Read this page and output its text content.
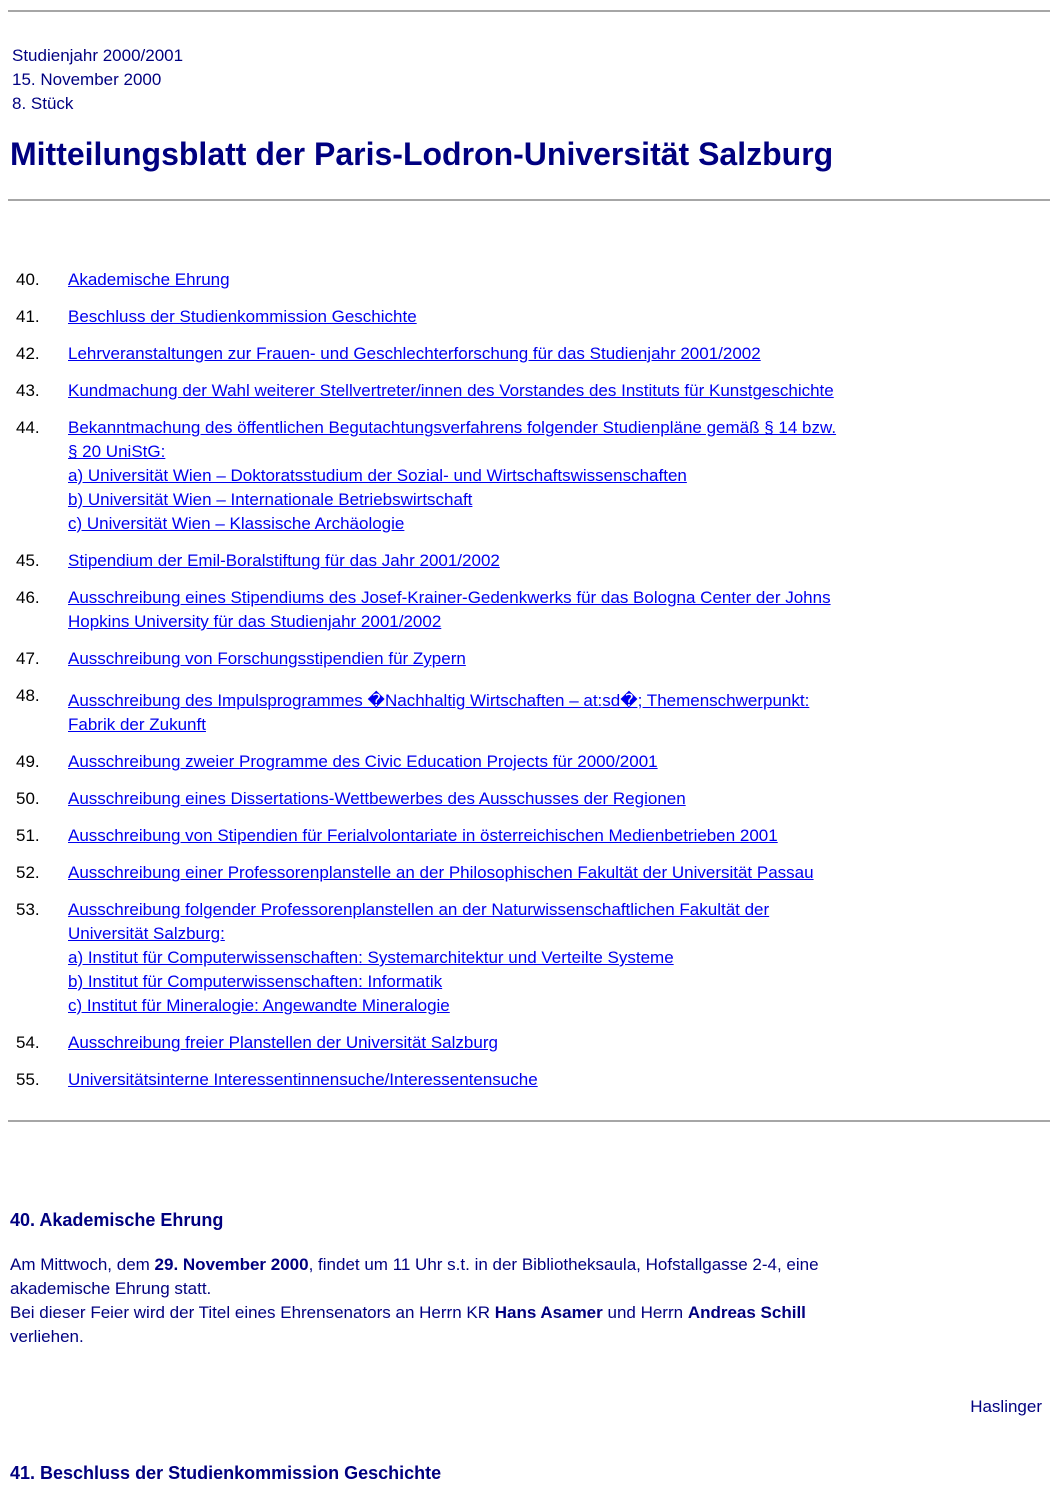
Studienjahr 2000/2001
15. November 2000
8. Stück
Mitteilungsblatt der Paris-Lodron-Universität Salzburg
40.	Akademische Ehrung
41.	Beschluss der Studienkommission Geschichte
42.	Lehrveranstaltungen zur Frauen- und Geschlechterforschung für das Studienjahr 2001/2002
43.	Kundmachung der Wahl weiterer Stellvertreter/innen des Vorstandes des Instituts für Kunstgeschichte
44.	Bekanntmachung des öffentlichen Begutachtungsverfahrens folgender Studienpläne gemäß § 14 bzw.
§ 20 UniStG:
a) Universität Wien – Doktoratsstudium der Sozial- und Wirtschaftswissenschaften
b) Universität Wien – Internationale Betriebswirtschaft
c) Universität Wien – Klassische Archäologie
45.	Stipendium der Emil-Boralstiftung für das Jahr 2001/2002
46.	Ausschreibung eines Stipendiums des Josef-Krainer-Gedenkwerks für das Bologna Center der Johns
Hopkins University für das Studienjahr 2001/2002
47.	Ausschreibung von Forschungsstipendien für Zypern
48.	Ausschreibung des Impulsprogrammes �Nachhaltig Wirtschaften – at:sd�; Themenschwerpunkt:
Fabrik der Zukunft
49.	Ausschreibung zweier Programme des Civic Education Projects für 2000/2001
50.	Ausschreibung eines Dissertations-Wettbewerbes des Ausschusses der Regionen
51.	Ausschreibung von Stipendien für Ferialvolontariate in österreichischen Medienbetrieben 2001
52.	Ausschreibung einer Professorenplanstelle an der Philosophischen Fakultät der Universität Passau
53.	Ausschreibung folgender Professorenplanstellen an der Naturwissenschaftlichen Fakultät der
Universität Salzburg:
a) Institut für Computerwissenschaften: Systemarchitektur und Verteilte Systeme
b) Institut für Computerwissenschaften: Informatik
c) Institut für Mineralogie: Angewandte Mineralogie
54.	Ausschreibung freier Planstellen der Universität Salzburg
55.	Universitätsinterne Interessentinnensuche/Interessentensuche
40. Akademische Ehrung
Am Mittwoch, dem 29. November 2000, findet um 11 Uhr s.t. in der Bibliotheksaula, Hofstallgasse 2-4, eine
akademische Ehrung statt.
Bei dieser Feier wird der Titel eines Ehrensenators an Herrn KR Hans Asamer und Herrn Andreas Schill
verliehen.
Haslinger
41. Beschluss der Studienkommission Geschichte
